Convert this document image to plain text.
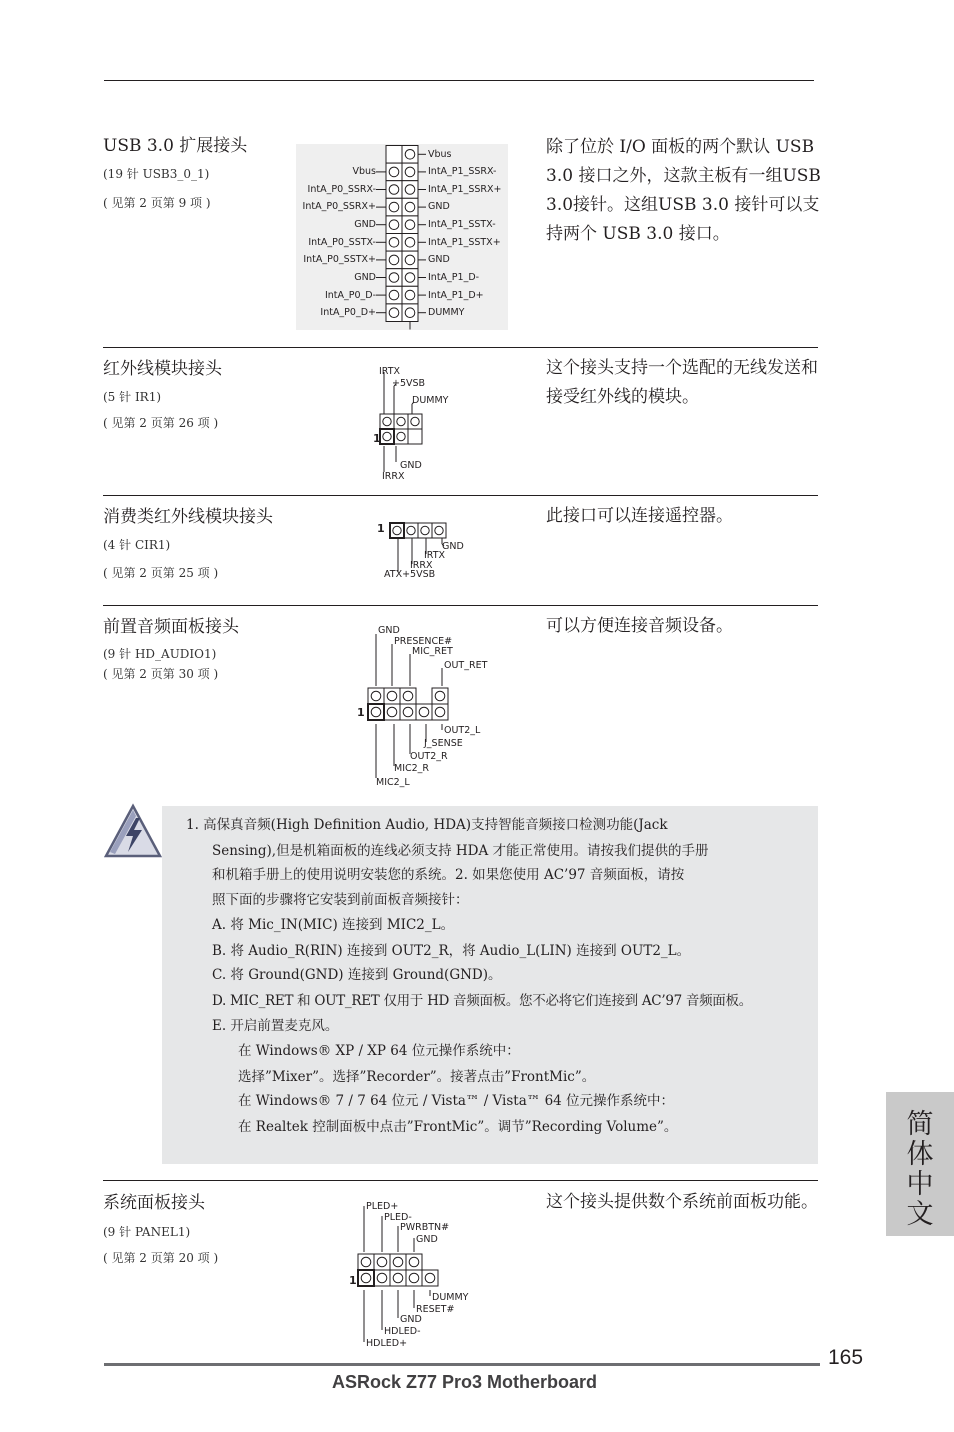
USB 3.0 扩展接头
(19 针 USB3_0_1)
( 见第 2 页第 9 项 )
除了位於 I/O 面板的两个默认 USB 3.0 接口之外，这款主板有一组USB 3.0接针。这组USB 3.0 接针可以支持两个 USB 3.0 接口。
Vbus
IntA_P0_SSRX-
IntA_P0_SSRX+
GND
IntA_P0_SSTX-
IntA_P0_SSTX+
GND
IntA_P0_D-
IntA_P0_D+
Vbus
IntA_P1_SSRX-
IntA_P1_SSRX+
GND
IntA_P1_SSTX-
IntA_P1_SSTX+
GND
IntA_P1_D-
IntA_P1_D+
DUMMY
红外线模块接头
(5 针 IR1)
( 见第 2 页第 26 项 )
这个接头支持一个选配的无线发送和接受红外线的模块。
IRTX
+5VSB
DUMMY
1
GND
IRRX
消费类红外线模块接头
(4 针 CIR1)
( 见第 2 页第 25 项 )
此接口可以连接遥控器。
1
GND
IRTX
IRRX
ATX+5VSB
前置音频面板接头
(9 针 HD_AUDIO1)
( 见第 2 页第 30 项 )
可以方便连接音频设备。
GND
PRESENCE#
MIC_RET
OUT_RET
1
OUT2_L
J_SENSE
OUT2_R
MIC2_R
MIC2_L
1. 高保真音频(High Definition Audio, HDA)支持智能音频接口检测功能(Jack
Sensing),但是机箱面板的连线必须支持 HDA 才能正常使用。请按我们提供的手册
和机箱手册上的使用说明安装您的系统。2. 如果您使用 AC’97 音频面板，请按
照下面的步骤将它安装到前面板音频接针：
A. 将 Mic_IN(MIC) 连接到 MIC2_L。
B. 将 Audio_R(RIN) 连接到 OUT2_R，将 Audio_L(LIN) 连接到 OUT2_L。
C. 将 Ground(GND) 连接到 Ground(GND)。
D. MIC_RET 和 OUT_RET 仅用于 HD 音频面板。您不必将它们连接到 AC’97 音频面板。
E. 开启前置麦克风。
在 Windows® XP / XP 64 位元操作系统中：
选择”Mixer”。选择”Recorder”。接著点击”FrontMic”。
在 Windows® 7 / 7 64 位元 / Vista™ / Vista™ 64 位元操作系统中：
在 Realtek 控制面板中点击”FrontMic”。调节”Recording Volume”。
系统面板接头
(9 针 PANEL1)
( 见第 2 页第 20 项 )
这个接头提供数个系统前面板功能。
PLED+
PLED-
PWRBTN#
GND
1
DUMMY
RESET#
GND
HDLED-
HDLED+
简体中文
165
ASRock Z77 Pro3 Motherboard
